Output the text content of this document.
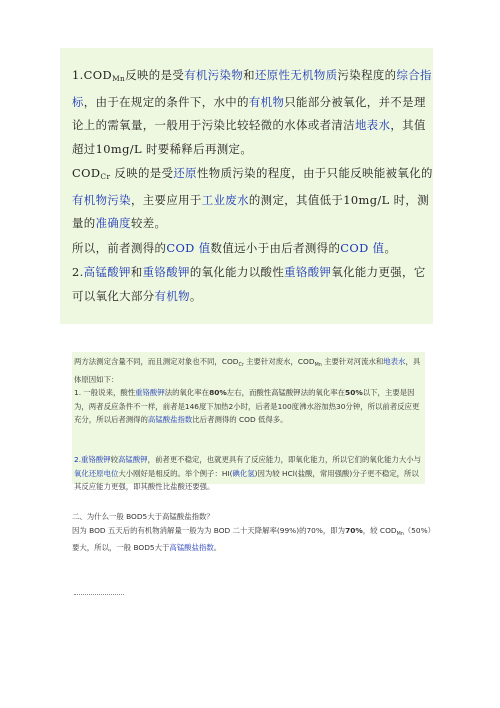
$1.COD_{Mn}$反映的是受有机污染物和还原性无机物质污染程度的综合指标，由于在规定的条件下，水中的有机物只能部分被氧化，并不是理论上的需氧量，一般用于污染比较轻微的水体或者清洁地表水，其值超过10mg/L 时要稀释后再测定。

$COD_{Cr}$ 反映的是受还原性物质污染的程度，由于只能反映能被氧化的有机物污染，主要应用于工业废水的测定，其值低于10mg/L 时，测量的准确度较差。

所以，前者测得的COD 值数值远小于由后者测得的COD 值。

2.高锰酸钾和重铬酸钾的氧化能力以酸性重铬酸钾氧化能力更强，它可以氧化大部分有机物。

两方法测定含量不同，而且测定对象也不同，$COD_{Cr}$ 主要针对废水，$COD_{Mn}$ 主要针对河流水和地表水，具体原因如下：

1. 一般说来，酸性重铬酸钾法的氧化率在80%左右，而酸性高锰酸钾法的氧化率在50%以下，主要是因为，两者反应条件不一样，前者是146度下加热2小时，后者是100度沸水浴加热30分钟，所以前者反应更充分，所以后者测得的高锰酸盐指数比后者测得的 COD 低得多。

2.重铬酸钾较高锰酸钾，前者更不稳定，也就更具有了反应能力，即氧化能力，所以它们的氧化能力大小与氧化还原电位大小刚好是相反的。举个例子：HI(碘化氢)因为较 HCl(盐酸，常用强酸)分子更不稳定，所以其反应能力更强，即其酸性比盐酸还要强。

二、为什么一般 BOD5大于高锰酸盐指数？

因为 BOD 五天后的有机物消解量一般为为 BOD 二十天降解率(99%)的70%，即为70%，较 $COD_{Mn}(50\%)$要大，所以，一般 BOD5大于高锰酸盐指数。
